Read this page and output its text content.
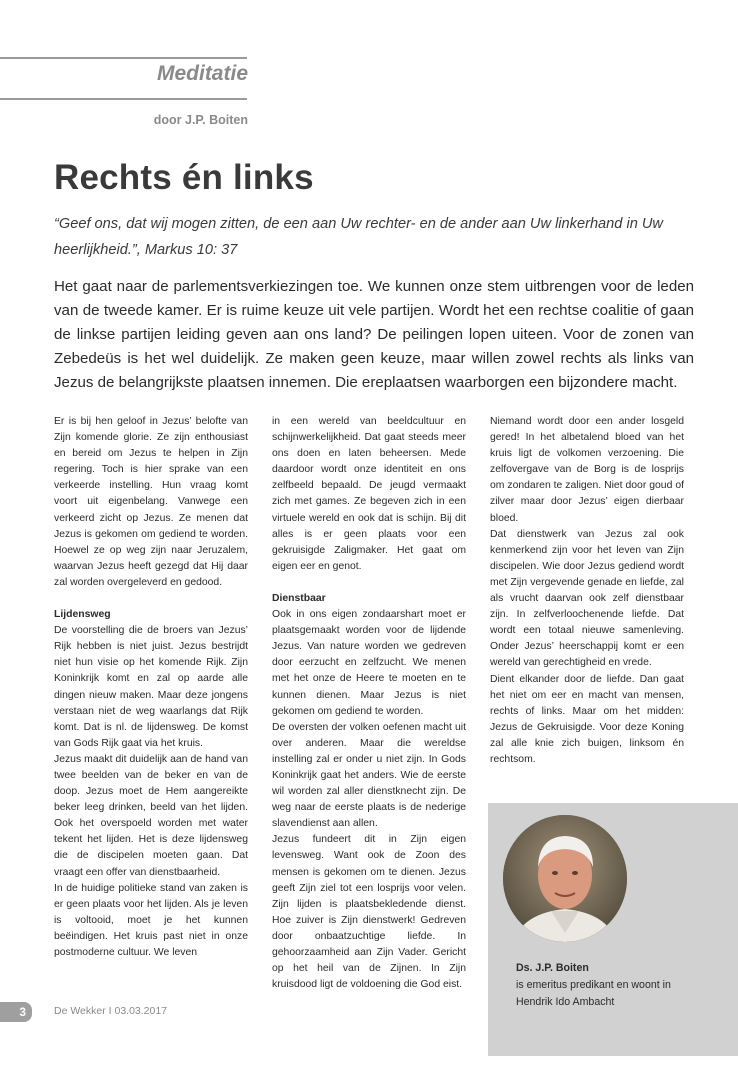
Meditatie
door J.P. Boiten
Rechts én links
“Geef ons, dat wij mogen zitten, de een aan Uw rechter- en de ander aan Uw linkerhand in Uw heerlijkheid.”, Markus 10: 37
Het gaat naar de parlementsverkiezingen toe. We kunnen onze stem uitbrengen voor de leden van de tweede kamer. Er is ruime keuze uit vele partijen. Wordt het een rechtse coalitie of gaan de linkse partijen leiding geven aan ons land? De peilingen lopen uiteen. Voor de zonen van Zebedeüs is het wel duidelijk. Ze maken geen keuze, maar willen zowel rechts als links van Jezus de belangrijkste plaatsen innemen. Die ereplaatsen waarborgen een bijzondere macht.

Er is bij hen geloof in Jezus’ belofte van Zijn komende glorie. Ze zijn enthousiast en bereid om Jezus te helpen in Zijn regering. Toch is hier sprake van een verkeerde instelling. Hun vraag komt voort uit eigenbelang. Vanwege een verkeerd zicht op Jezus. Ze menen dat Jezus is gekomen om gediend te worden. Hoewel ze op weg zijn naar Jeruzalem, waarvan Jezus heeft gezegd dat Hij daar zal worden overgeleverd en gedood.

Lijdensweg

De voorstelling die de broers van Jezus’ Rijk hebben is niet juist. Jezus bestrijdt niet hun visie op het komende Rijk. Zijn Koninkrijk komt en zal op aarde alle dingen nieuw maken. Maar deze jongens verstaan niet de weg waarlangs dat Rijk komt. Dat is nl. de lijdensweg. De komst van Gods Rijk gaat via het kruis.

Jezus maakt dit duidelijk aan de hand van twee beelden van de beker en van de doop. Jezus moet de Hem aangereikte beker leeg drinken, beeld van het lijden. Ook het overspoeld worden met water tekent het lijden. Het is deze lijdensweg die de discipelen moeten gaan. Dat vraagt een offer van dienstbaarheid.

In de huidige politieke stand van zaken is er geen plaats voor het lijden. Als je leven is voltooid, moet je het kunnen beëindigen. Het kruis past niet in onze postmoderne cultuur. We leven

in een wereld van beeldcultuur en schijnwerkelijkheid. Dat gaat steeds meer ons doen en laten beheersen. Mede daardoor wordt onze identiteit en ons zelfbeeld bepaald. De jeugd vermaakt zich met games. Ze begeven zich in een virtuele wereld en ook dat is schijn. Bij dit alles is er geen plaats voor een gekruisigde Zaligmaker. Het gaat om eigen eer en genot.

Dienstbaar

Ook in ons eigen zondaarshart moet er plaatsgemaakt worden voor de lijdende Jezus. Van nature worden we gedreven door eerzucht en zelfzucht. We menen met het onze de Heere te moeten en te kunnen dienen. Maar Jezus is niet gekomen om gediend te worden.

De oversten der volken oefenen macht uit over anderen. Maar die wereldse instelling zal er onder u niet zijn. In Gods Koninkrijk gaat het anders. Wie de eerste wil worden zal aller dienstknecht zijn. De weg naar de eerste plaats is de nederige slavendienst aan allen.

Jezus fundeert dit in Zijn eigen levensweg. Want ook de Zoon des mensen is gekomen om te dienen. Jezus geeft Zijn ziel tot een losprijs voor velen. Zijn lijden is plaatsbekledende dienst. Hoe zuiver is Zijn dienstwerk! Gedreven door onbaatzuchtige liefde. In gehoorzaamheid aan Zijn Vader. Gericht op het heil van de Zijnen. In Zijn kruisdood ligt de voldoening die God eist.

Niemand wordt door een ander losgeld gered! In het albetalend bloed van het kruis ligt de volkomen verzoening. Die zelfovergave van de Borg is de losprijs om zondaren te zaligen. Niet door goud of zilver maar door Jezus’ eigen dierbaar bloed.

Dat dienstwerk van Jezus zal ook kenmerkend zijn voor het leven van Zijn discipelen. Wie door Jezus gediend wordt met Zijn vergevende genade en liefde, zal als vrucht daarvan ook zelf dienstbaar zijn. In zelfverloochenende liefde. Dat wordt een totaal nieuwe samenleving. Onder Jezus’ heerschappij komt er een wereld van gerechtigheid en vrede.

Dient elkander door de liefde. Dan gaat het niet om eer en macht van mensen, rechts of links. Maar om het midden: Jezus de Gekruisigde. Voor deze Koning zal alle knie zich buigen, linksom én rechtsom.

Ds. J.P. Boiten
is emeritus predikant en woont in
Hendrik Ido Ambacht
3	De Wekker I 03.03.2017
